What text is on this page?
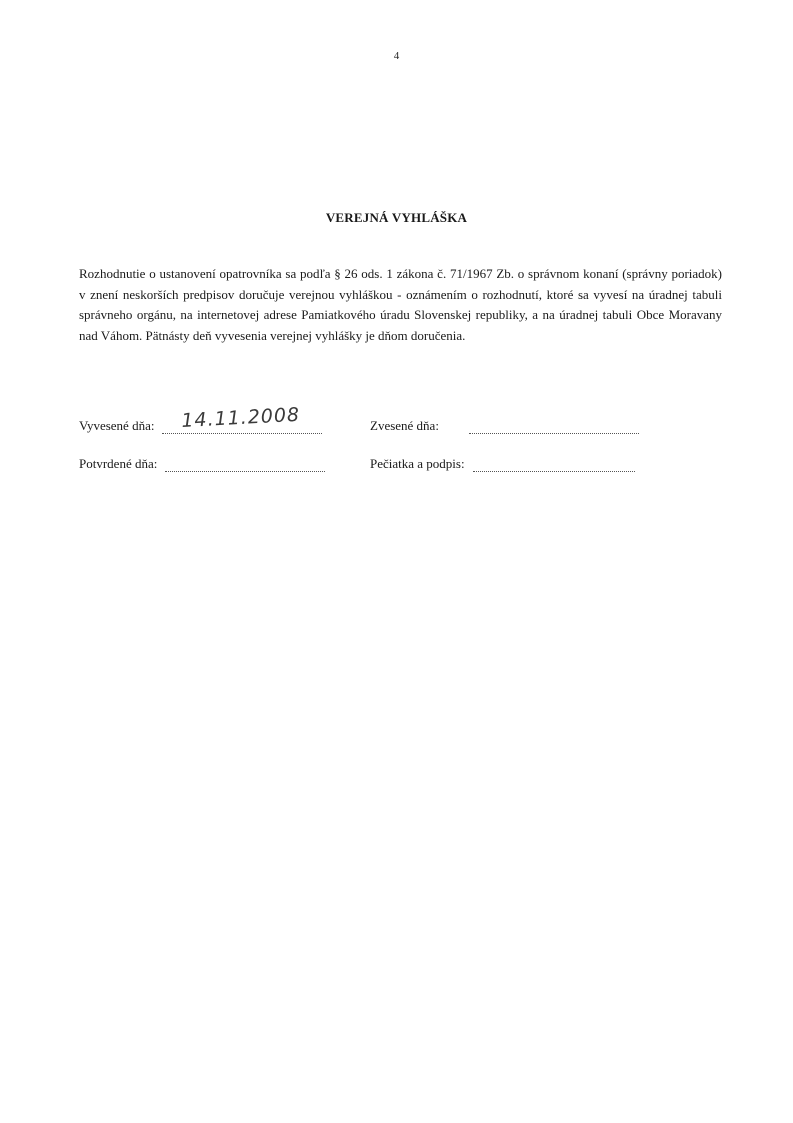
4
VEREJNÁ VYHLÁŠKA

Rozhodnutie o ustanovení opatrovníka sa podľa § 26 ods. 1 zákona č. 71/1967 Zb. o správnom konaní (správny poriadok) v znení neskorších predpisov doručuje verejnou vyhláškou - oznámením o rozhodnutí, ktoré sa vyvesí na úradnej tabuli správneho orgánu, na internetovej adrese Pamiatkového úradu Slovenskej republiky, a na úradnej tabuli Obce Moravany nad Váhom. Pätnásty deň vyvesenia verejnej vyhlášky je dňom doručenia.

Vyvesené dňa: 14.11.2008	Zvesené dňa:
Potvrdené dňa:	Pečiatka a podpis:
